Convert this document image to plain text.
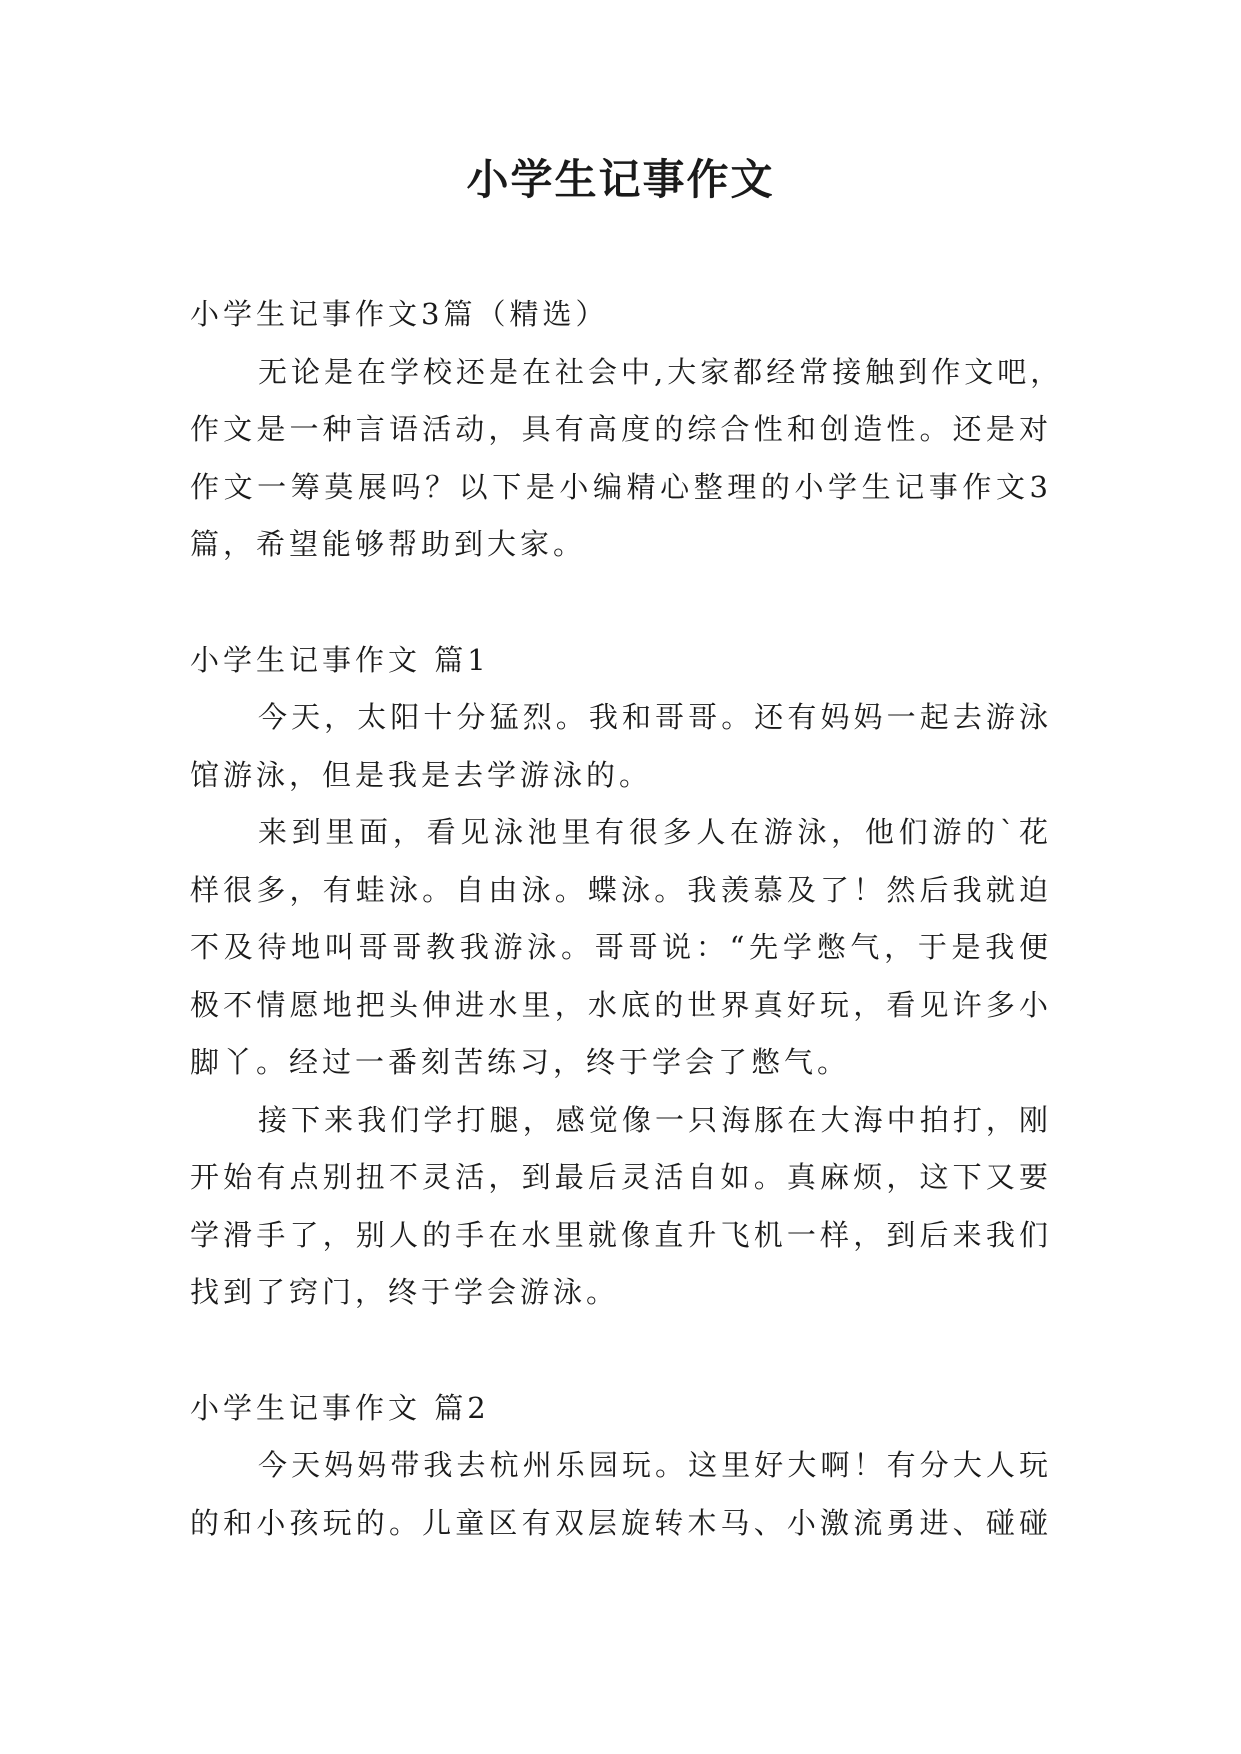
小学生记事作文
小学生记事作文3篇（精选）
无论是在学校还是在社会中,大家都经常接触到作文吧，
作文是一种言语活动，具有高度的综合性和创造性。还是对
作文一筹莫展吗？以下是小编精心整理的小学生记事作文3
篇，希望能够帮助到大家。
小学生记事作文 篇1
今天，太阳十分猛烈。我和哥哥。还有妈妈一起去游泳
馆游泳，但是我是去学游泳的。
来到里面，看见泳池里有很多人在游泳，他们游的`花
样很多，有蛙泳。自由泳。蝶泳。我羡慕及了！然后我就迫
不及待地叫哥哥教我游泳。哥哥说：“先学憋气，于是我便
极不情愿地把头伸进水里，水底的世界真好玩，看见许多小
脚丫。经过一番刻苦练习，终于学会了憋气。
接下来我们学打腿，感觉像一只海豚在大海中拍打，刚
开始有点别扭不灵活，到最后灵活自如。真麻烦，这下又要
学滑手了，别人的手在水里就像直升飞机一样，到后来我们
找到了窍门，终于学会游泳。
小学生记事作文 篇2
今天妈妈带我去杭州乐园玩。这里好大啊！有分大人玩
的和小孩玩的。儿童区有双层旋转木马、小激流勇进、碰碰
